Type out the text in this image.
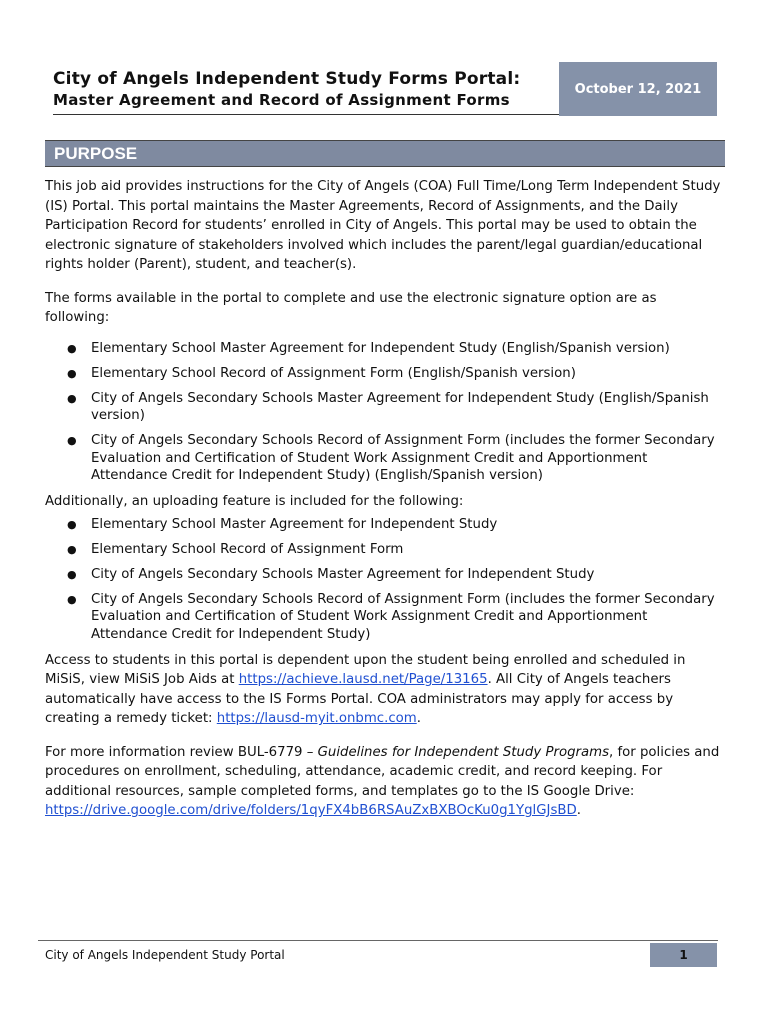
City of Angels Independent Study Forms Portal:
Master Agreement and Record of Assignment Forms
October 12, 2021
PURPOSE

This job aid provides instructions for the City of Angels (COA) Full Time/Long Term Independent Study (IS) Portal. This portal maintains the Master Agreements, Record of Assignments, and the Daily Participation Record for students’ enrolled in City of Angels. This portal may be used to obtain the electronic signature of stakeholders involved which includes the parent/legal guardian/educational rights holder (Parent), student, and teacher(s).

The forms available in the portal to complete and use the electronic signature option are as following:

● Elementary School Master Agreement for Independent Study (English/Spanish version)
● Elementary School Record of Assignment Form (English/Spanish version)
● City of Angels Secondary Schools Master Agreement for Independent Study (English/Spanish version)
● City of Angels Secondary Schools Record of Assignment Form (includes the former Secondary Evaluation and Certification of Student Work Assignment Credit and Apportionment Attendance Credit for Independent Study) (English/Spanish version)

Additionally, an uploading feature is included for the following:

● Elementary School Master Agreement for Independent Study
● Elementary School Record of Assignment Form
● City of Angels Secondary Schools Master Agreement for Independent Study
● City of Angels Secondary Schools Record of Assignment Form (includes the former Secondary Evaluation and Certification of Student Work Assignment Credit and Apportionment Attendance Credit for Independent Study)

Access to students in this portal is dependent upon the student being enrolled and scheduled in MiSiS, view MiSiS Job Aids at https://achieve.lausd.net/Page/13165. All City of Angels teachers automatically have access to the IS Forms Portal. COA administrators may apply for access by creating a remedy ticket: https://lausd-myit.onbmc.com.

For more information review BUL-6779 – Guidelines for Independent Study Programs, for policies and procedures on enrollment, scheduling, attendance, academic credit, and record keeping. For additional resources, sample completed forms, and templates go to the IS Google Drive: https://drive.google.com/drive/folders/1qyFX4bB6RSAuZxBXBOcKu0g1YglGJsBD.

City of Angels Independent Study Portal	1
